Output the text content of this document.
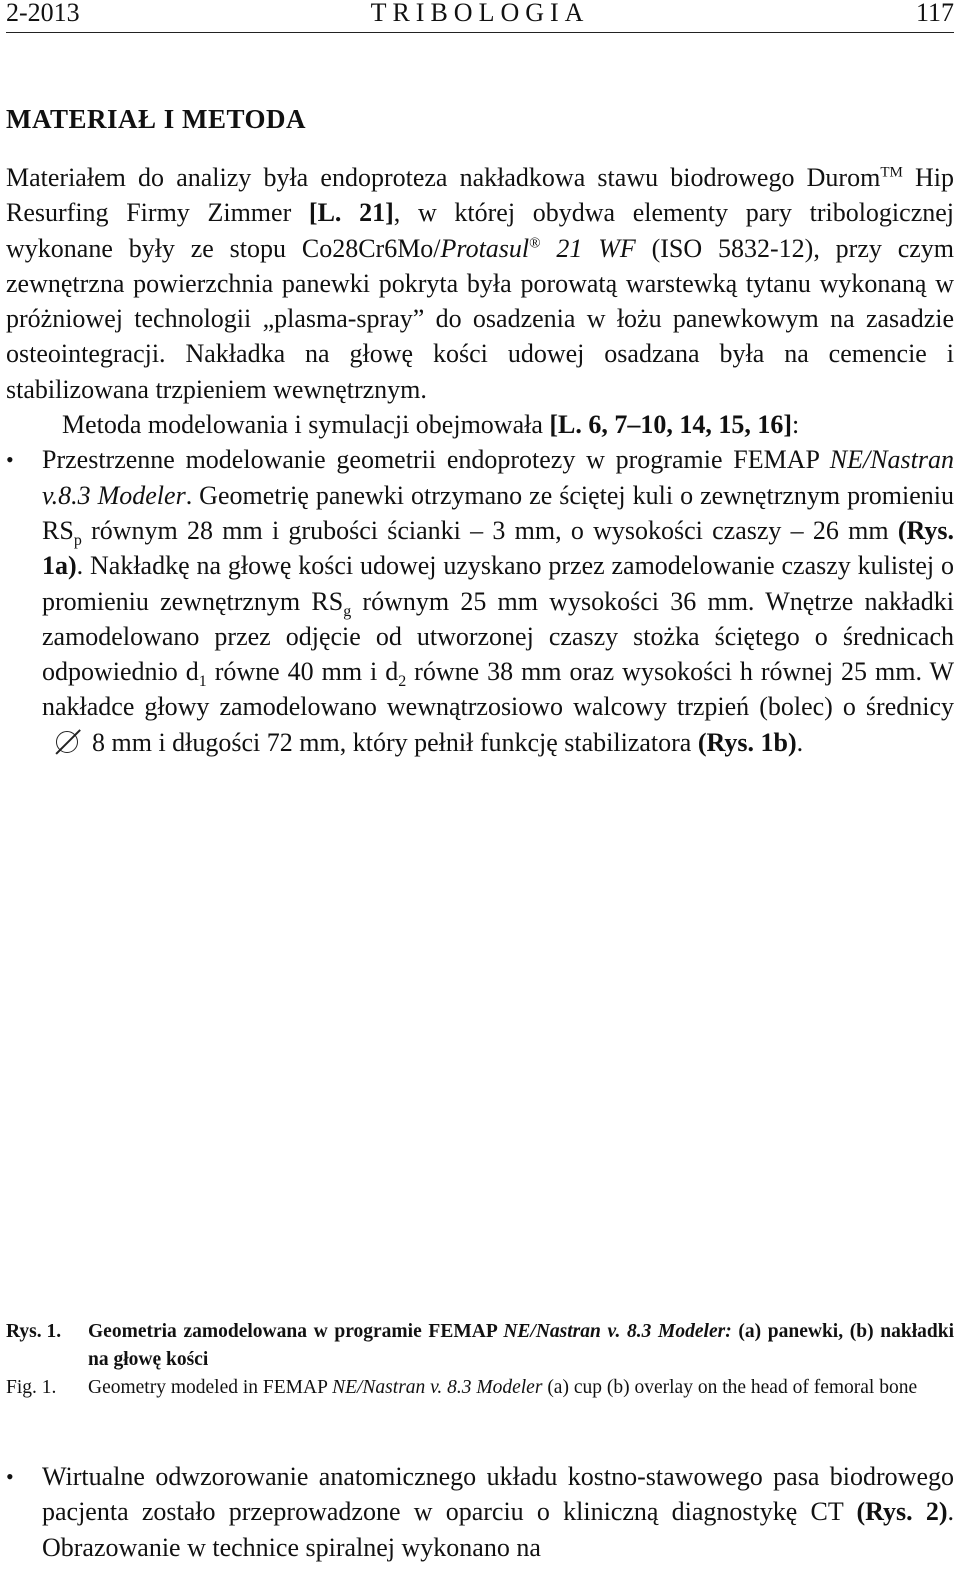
2-2013	TRIBOLOGIA	117
MATERIAŁ I METODA

Materiałem do analizy była endoproteza nakładkowa stawu biodrowego Durom™ Hip Resurfing Firmy Zimmer [L. 21], w której obydwa elementy pary tribologicznej wykonane były ze stopu Co28Cr6Mo/Protasul® 21 WF (ISO 5832-12), przy czym zewnętrzna powierzchnia panewki pokryta była porowatą warstewką tytanu wykonaną w próżniowej technologii „plasma-spray” do osadzenia w łożu panewkowym na zasadzie osteointegracji. Nakładka na głowę kości udowej osadzana była na cemencie i stabilizowana trzpieniem wewnętrznym.

Metoda modelowania i symulacji obejmowała [L. 6, 7–10, 14, 15, 16]:

• Przestrzenne modelowanie geometrii endoprotezy w programie FEMAP NE/Nastran v.8.3 Modeler. Geometrię panewki otrzymano ze ściętej kuli o zewnętrznym promieniu $RS_p$ równym 28 mm i grubości ścianki – 3 mm, o wysokości czaszy – 26 mm (Rys. 1a). Nakładkę na głowę kości udowej uzyskano przez zamodelowanie czaszy kulistej o promieniu zewnętrznym $RS_g$ równym 25 mm wysokości 36 mm. Wnętrze nakładki zamodelowano przez odjęcie od utworzonej czaszy stożka ściętego o średnicach odpowiednio $d_1$ równe 40 mm i $d_2$ równe 38 mm oraz wysokości h równej 25 mm. W nakładce głowy zamodelowano wewnątrzosiowo walcowy trzpień (bolec) o średnicy8 mm i długości 72 mm, który pełnił funkcję stabilizatora (Rys. 1b).
Rys. 1.	Geometria zamodelowana w programie FEMAP NE/Nastran v. 8.3 Modeler: (a) panewki, (b) nakładki na głowę kości
Fig. 1.	Geometry modeled in FEMAP NE/Nastran v. 8.3 Modeler (a) cup (b) overlay on the head of femoral bone
• Wirtualne odwzorowanie anatomicznego układu kostno-stawowego pasa biodrowego pacjenta zostało przeprowadzone w oparciu o kliniczną diagnostykę CT (Rys. 2). Obrazowanie w technice spiralnej wykonano na
